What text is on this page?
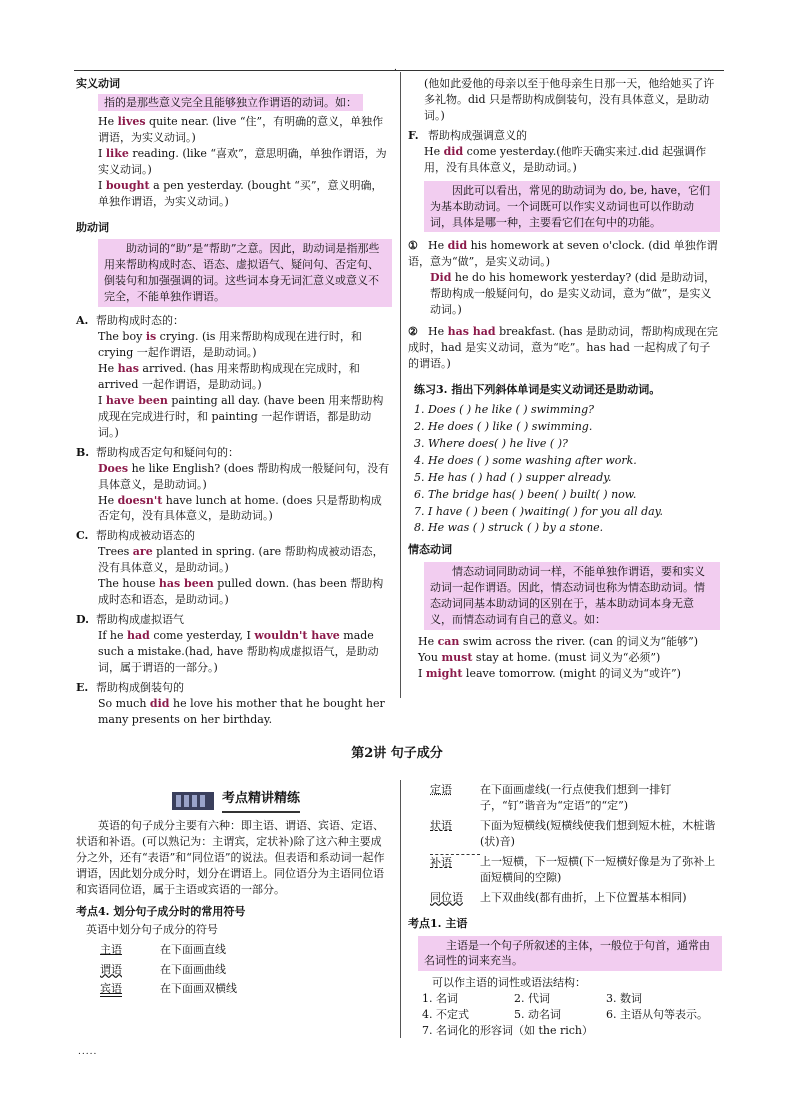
.

实义动词

指的是那些意义完全且能够独立作谓语的动词。如：
He lives quite near. (live “住”，有明确的意义，单独作谓语，为实义动词。)
I like reading. (like “喜欢”，意思明确，单独作谓语，为实义动词。)
I bought a pen yesterday. (bought “买”，意义明确，单独作谓语，为实义动词。)

助动词

助动词的“助”是“帮助”之意。因此，助动词是指那些用来帮助构成时态、语态、虚拟语气、疑问句、否定句、倒装句和加强强调的词。这些词本身无词汇意义或意义不完全，不能单独作谓语。
A. 帮助构成时态的：
The boy is crying. (is 用来帮助构成现在进行时，和 crying 一起作谓语，是助动词。)
He has arrived. (has 用来帮助构成现在完成时，和 arrived 一起作谓语，是助动词。)
I have been painting all day. (have been 用来帮助构成现在完成进行时，和 painting 一起作谓语，都是助动词。)
B. 帮助构成否定句和疑问句的：
Does he like English? (does 帮助构成一般疑问句，没有具体意义，是助动词。)
He doesn't have lunch at home. (does 只是帮助构成否定句，没有具体意义，是助动词。)
C. 帮助构成被动语态的
Trees are planted in spring. (are 帮助构成被动语态，没有具体意义，是助动词。)
The house has been pulled down. (has been 帮助构成时态和语态，是助动词。)
D. 帮助构成虚拟语气
If he had come yesterday, I wouldn't have made such a mistake.(had, have 帮助构成虚拟语气，是助动词，属于谓语的一部分。)
E. 帮助构成倒装句的
So much did he love his mother that he bought her many presents on her birthday.
(他如此爱他的母亲以至于他母亲生日那一天，他给她买了许多礼物。did 只是帮助构成倒装句，没有具体意义，是助动词。)
F. 帮助构成强调意义的
He did come yesterday.(他昨天确实来过.did 起强调作用，没有具体意义，是助动词。)
因此可以看出，常见的助动词为 do, be, have，它们为基本助动词。一个词既可以作实义动词也可以作助动词，具体是哪一种，主要看它们在句中的功能。
① He did his homework at seven o'clock. (did 单独作谓语，意为“做”，是实义动词。)
Did he do his homework yesterday? (did 是助动词，帮助构成一般疑问句，do 是实义动词，意为“做”，是实义动词。)
② He has had breakfast. (has 是助动词，帮助构成现在完成时，had 是实义动词，意为“吃”。has had 一起构成了句子的谓语。)
练习3. 指出下列斜体单词是实义动词还是助动词。
1. Does ( ) he like ( ) swimming?
2. He does ( ) like ( ) swimming.
3. Where does( ) he live ( )?
4. He does ( ) some washing after work.
5. He has ( ) had ( ) supper already.
6. The bridge has( ) been( ) built( ) now.
7. I have ( ) been ( )waiting( ) for you all day.
8. He was ( ) struck ( ) by a stone.

情态动词

情态动词同助动词一样，不能单独作谓语，要和实义动词一起作谓语。因此，情态动词也称为情态助动词。情态动词同基本助动词的区别在于，基本助动词本身无意义，而情态动词有自己的意义。如：
He can swim across the river. (can 的词义为“能够”)
You must stay at home. (must 词义为“必须”)
I might leave tomorrow. (might 的词义为“或许”)
第2讲 句子成分
考点精讲精练
英语的句子成分主要有六种：即主语、谓语、宾语、定语、状语和补语。(可以熟记为：主谓宾，定状补)除了这六种主要成分之外，还有“表语”和“同位语”的说法。但表语和系动词一起作谓语，因此划分成分时，划分在谓语上。同位语分为主语同位语和宾语同位语，属于主语或宾语的一部分。
考点4. 划分句子成分时的常用符号
英语中划分句子成分的符号
主语	在下面画直线
谓语	在下面画曲线
宾语	在下面画双横线
定语	在下面画虚线(一行点使我们想到一排钉子，“钉”谐音为“定语”的“定”)
状语	下面为短横线(短横线使我们想到短木桩，木桩谐(状)音)
补语	上一短横，下一短横(下一短横好像是为了弥补上面短横间的空隙)
同位语	上下双曲线(都有曲折，上下位置基本相同)
考点1. 主语
主语是一个句子所叙述的主体，一般位于句首，通常由名词性的词来充当。
可以作主语的词性或语法结构：
1. 名词	2. 代词	3. 数词
4. 不定式	5. 动名词	6. 主语从句等表示。
7. 名词化的形容词（如 the rich）
.....
